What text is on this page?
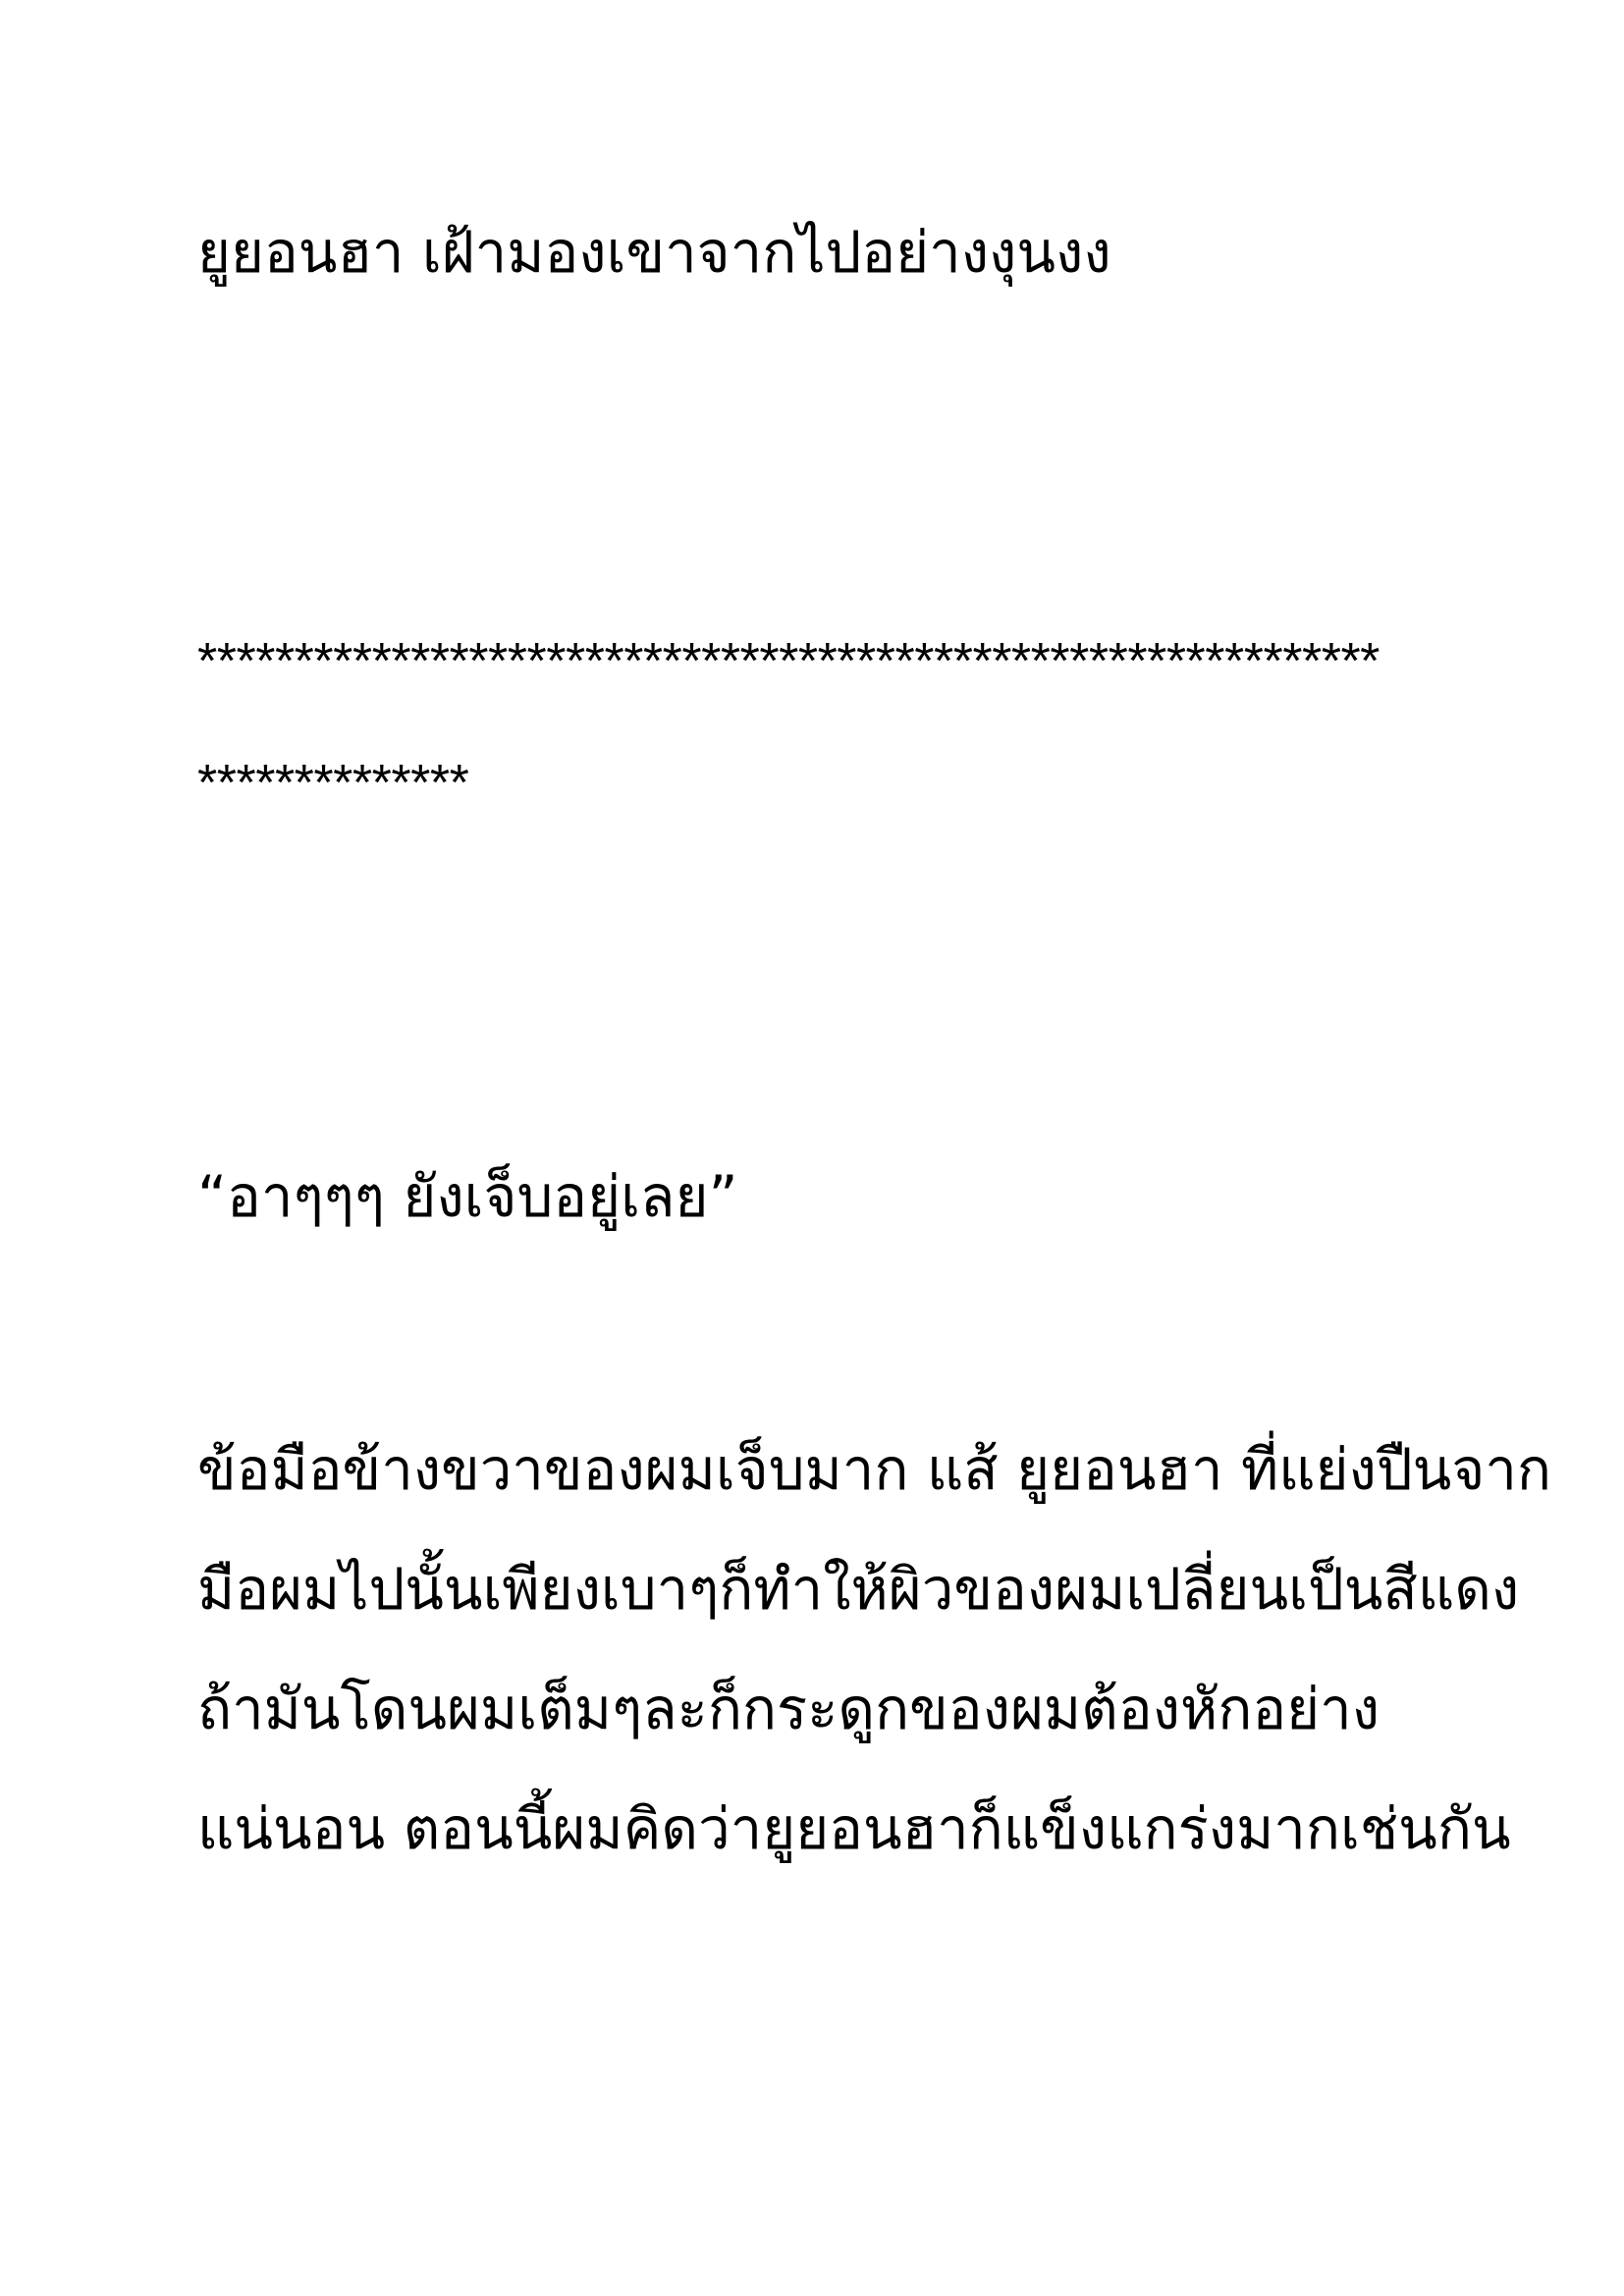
ยูยอนฮา เฝ้ามองเขาจากไปอย่างงุนงง
*************************************************************
**************
“อาๆๆๆ ยังเจ็บอยู่เลย”
ข้อมือข้างขวาของผมเจ็บมาก แส้ ยูยอนฮา ที่แย่งปืนจาก
มือผมไปนั้นเพียงเบาๆก็ทำให้ผิวของผมเปลี่ยนเป็นสีแดง
ถ้ามันโดนผมเต็มๆละก็กระดูกของผมต้องหักอย่าง
แน่นอน ตอนนี้ผมคิดว่ายูยอนฮาก็แข็งแกร่งมากเช่นกัน
